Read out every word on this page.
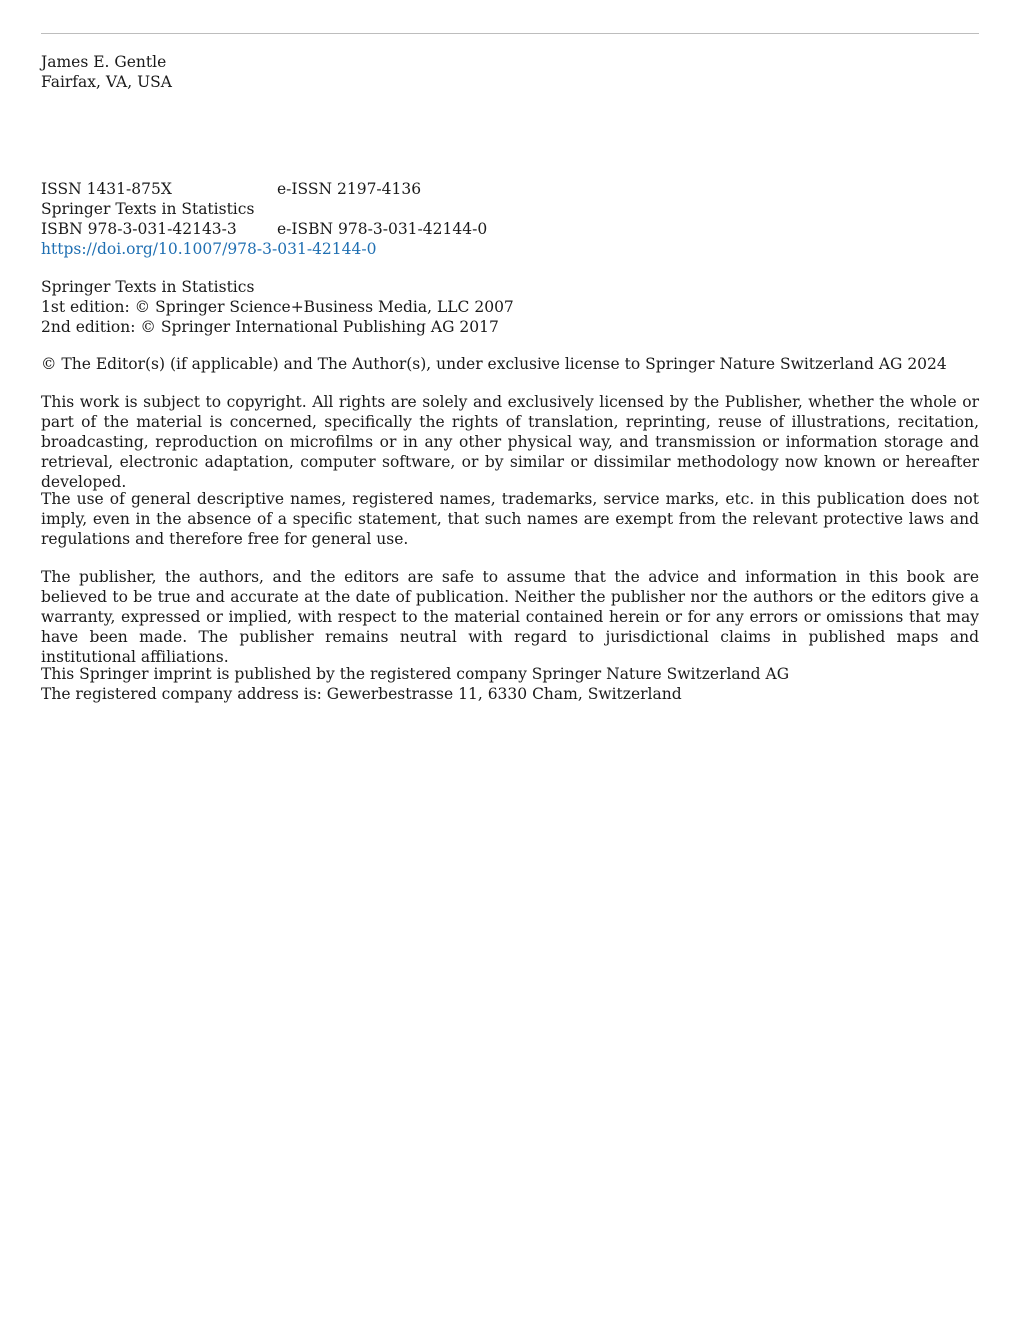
James E. Gentle
Fairfax, VA, USA
ISSN 1431-875X	e-ISSN 2197-4136
Springer Texts in Statistics
ISBN 978-3-031-42143-3	e-ISBN 978-3-031-42144-0
https://doi.org/10.1007/978-3-031-42144-0
Springer Texts in Statistics
1st edition: © Springer Science+Business Media, LLC 2007
2nd edition: © Springer International Publishing AG 2017
© The Editor(s) (if applicable) and The Author(s), under exclusive license to Springer Nature Switzerland AG 2024
This work is subject to copyright. All rights are solely and exclusively licensed by the Publisher, whether the whole or part of the material is concerned, specifically the rights of translation, reprinting, reuse of illustrations, recitation, broadcasting, reproduction on microfilms or in any other physical way, and transmission or information storage and retrieval, electronic adaptation, computer software, or by similar or dissimilar methodology now known or hereafter developed.
The use of general descriptive names, registered names, trademarks, service marks, etc. in this publication does not imply, even in the absence of a specific statement, that such names are exempt from the relevant protective laws and regulations and therefore free for general use.
The publisher, the authors, and the editors are safe to assume that the advice and information in this book are believed to be true and accurate at the date of publication. Neither the publisher nor the authors or the editors give a warranty, expressed or implied, with respect to the material contained herein or for any errors or omissions that may have been made. The publisher remains neutral with regard to jurisdictional claims in published maps and institutional affiliations.
This Springer imprint is published by the registered company Springer Nature Switzerland AG
The registered company address is: Gewerbestrasse 11, 6330 Cham, Switzerland
